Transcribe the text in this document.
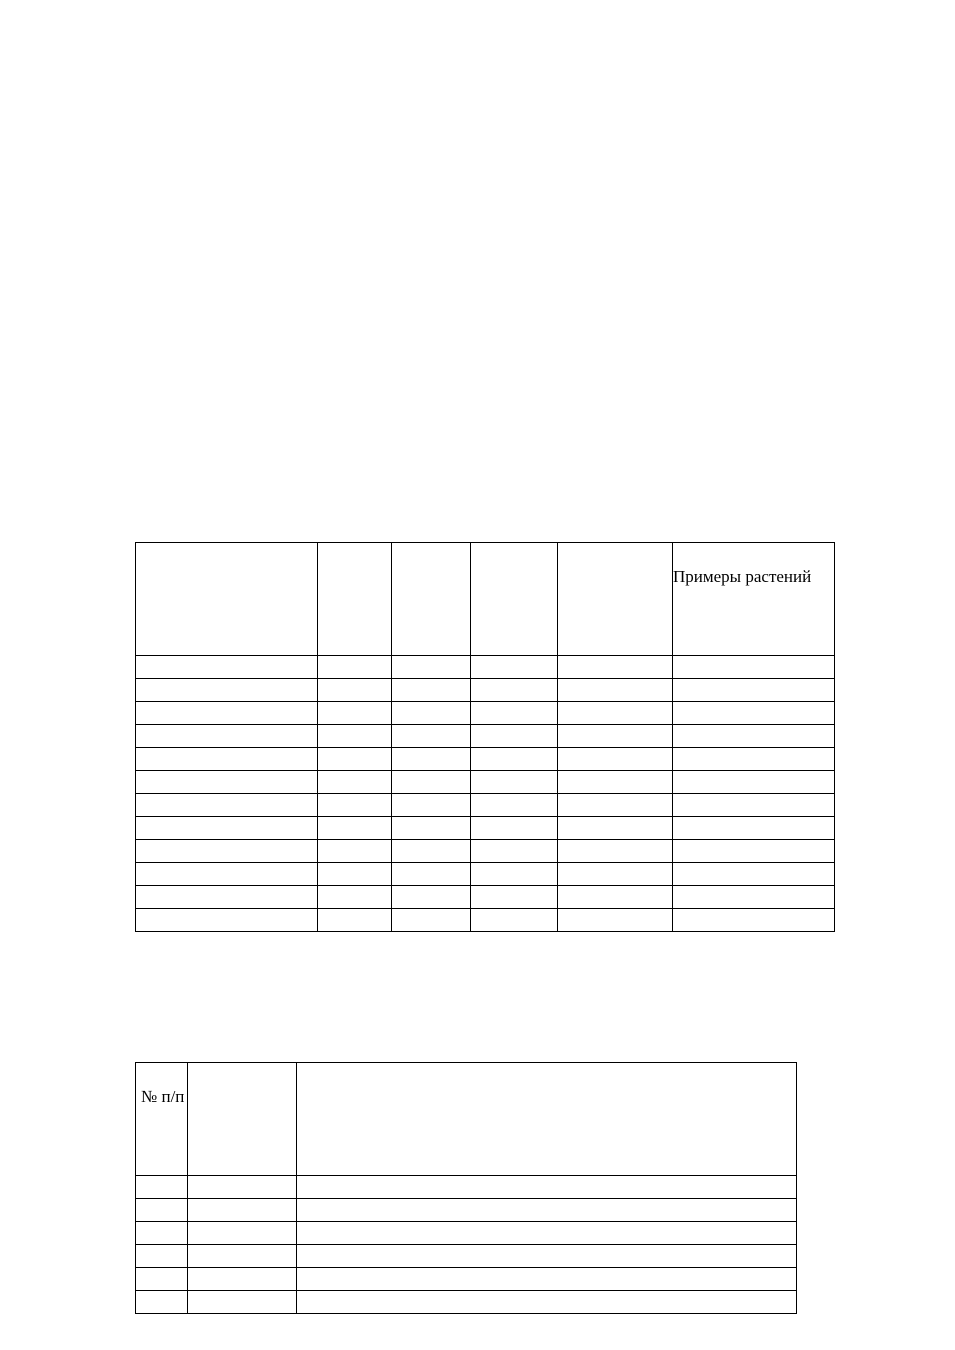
					Примеры растений

№ п/п		
